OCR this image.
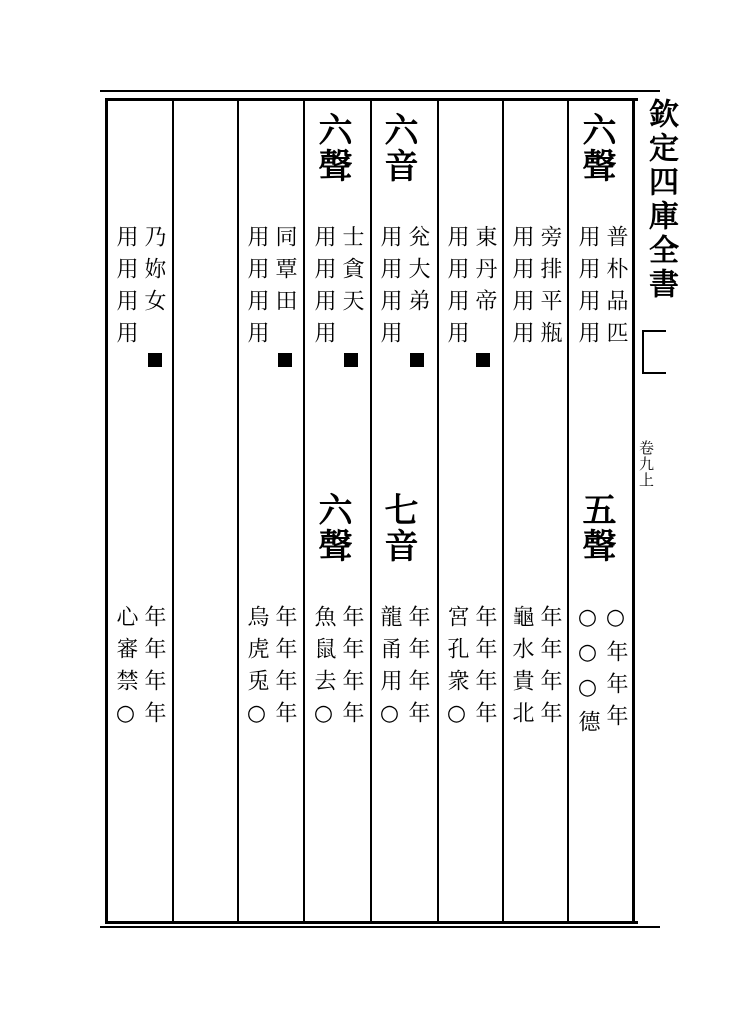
欽定四庫全書
卷九上
六聲
普朴品匹
用用用用
五聲
○年年年
○○○德
旁排平瓶
用用用用
年年年年
龜水貴北
東丹帝
用用用用
年年年年
宮孔衆○
六音
兊大弟
用用用用
七音
年年年年
龍甬用○
六聲
士貪天
用用用用
六聲
年年年年
魚鼠去○
同覃田
用用用用
年年年年
烏虎兎○
乃妳女
用用用用
年年年年
心審禁○
